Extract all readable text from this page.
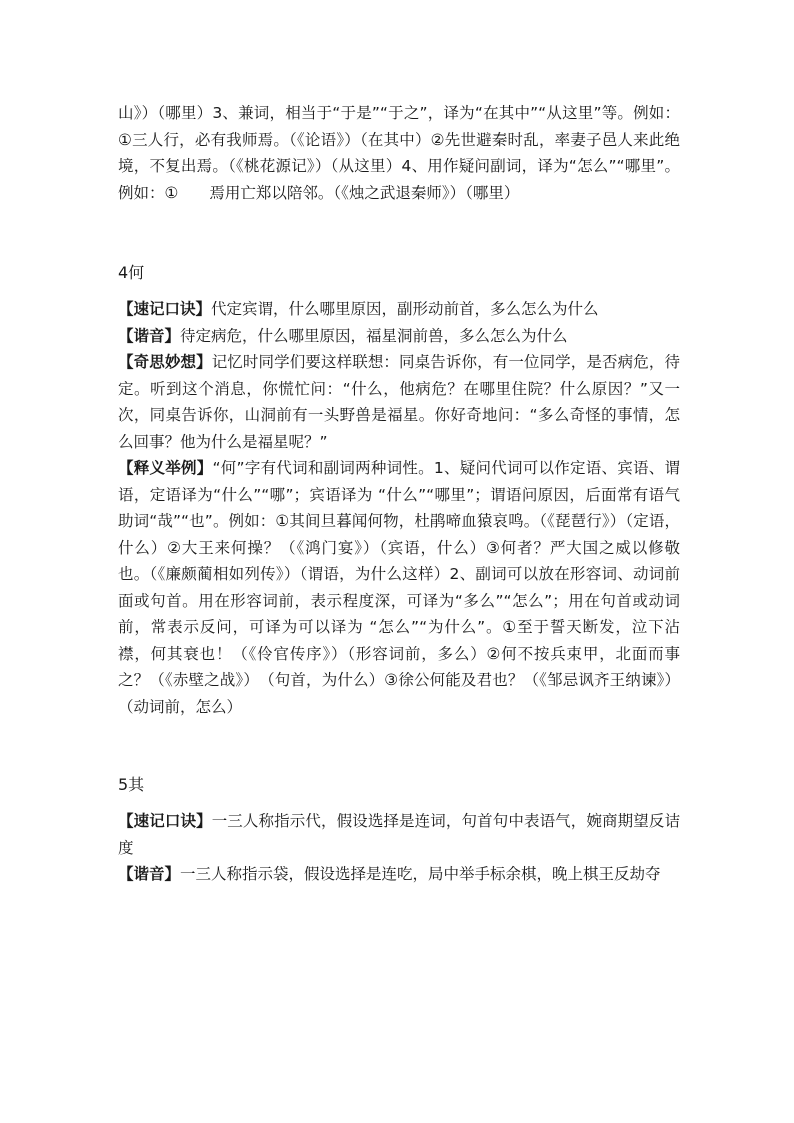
山》）（哪里）3、兼词，相当于“于是”“于之”，译为“在其中”“从这里”等。例如：①三人行，必有我师焉。（《论语》）（在其中）②先世避秦时乱，率妻子邑人来此绝境，不复出焉。（《桃花源记》）（从这里）4、用作疑问副词，译为“怎么”“哪里”。例如：①　　焉用亡郑以陪邻。（《烛之武退秦师》）（哪里）

4何

【速记口诀】代定宾谓，什么哪里原因，副形动前首，多么怎么为什么

【谐音】待定病危，什么哪里原因，福星洞前兽，多么怎么为什么

【奇思妙想】记忆时同学们要这样联想：同桌告诉你，有一位同学，是否病危，待定。听到这个消息，你慌忙问：“什么，他病危？在哪里住院？什么原因？”又一次，同桌告诉你，山洞前有一头野兽是福星。你好奇地问：“多么奇怪的事情，怎么回事？他为什么是福星呢？”

【释义举例】“何”字有代词和副词两种词性。1、疑问代词可以作定语、宾语、谓语，定语译为“什么”“哪”；宾语译为 “什么”“哪里”；谓语问原因，后面常有语气助词“哉”“也”。例如：①其间旦暮闻何物，杜鹃啼血猿哀鸣。（《琵琶行》）（定语，什么）②大王来何操？（《鸿门宴》）（宾语，什么）③何者？严大国之威以修敬也。（《廉颇蔺相如列传》）（谓语，为什么这样）2、副词可以放在形容词、动词前面或句首。用在形容词前，表示程度深，可译为“多么”“怎么”；用在句首或动词前，常表示反问，可译为可以译为 “怎么”“为什么”。①至于誓天断发，泣下沾襟，何其衰也！（《伶官传序》）（形容词前，多么）②何不按兵束甲，北面而事之？（《赤壁之战》）　（句首，为什么）③徐公何能及君也？（《邹忌讽齐王纳谏》）（动词前，怎么）

5其

【速记口诀】一三人称指示代，假设选择是连词，句首句中表语气，婉商期望反诘度

【谐音】一三人称指示袋，假设选择是连吃，局中举手标余棋，晚上棋王反劫夺
